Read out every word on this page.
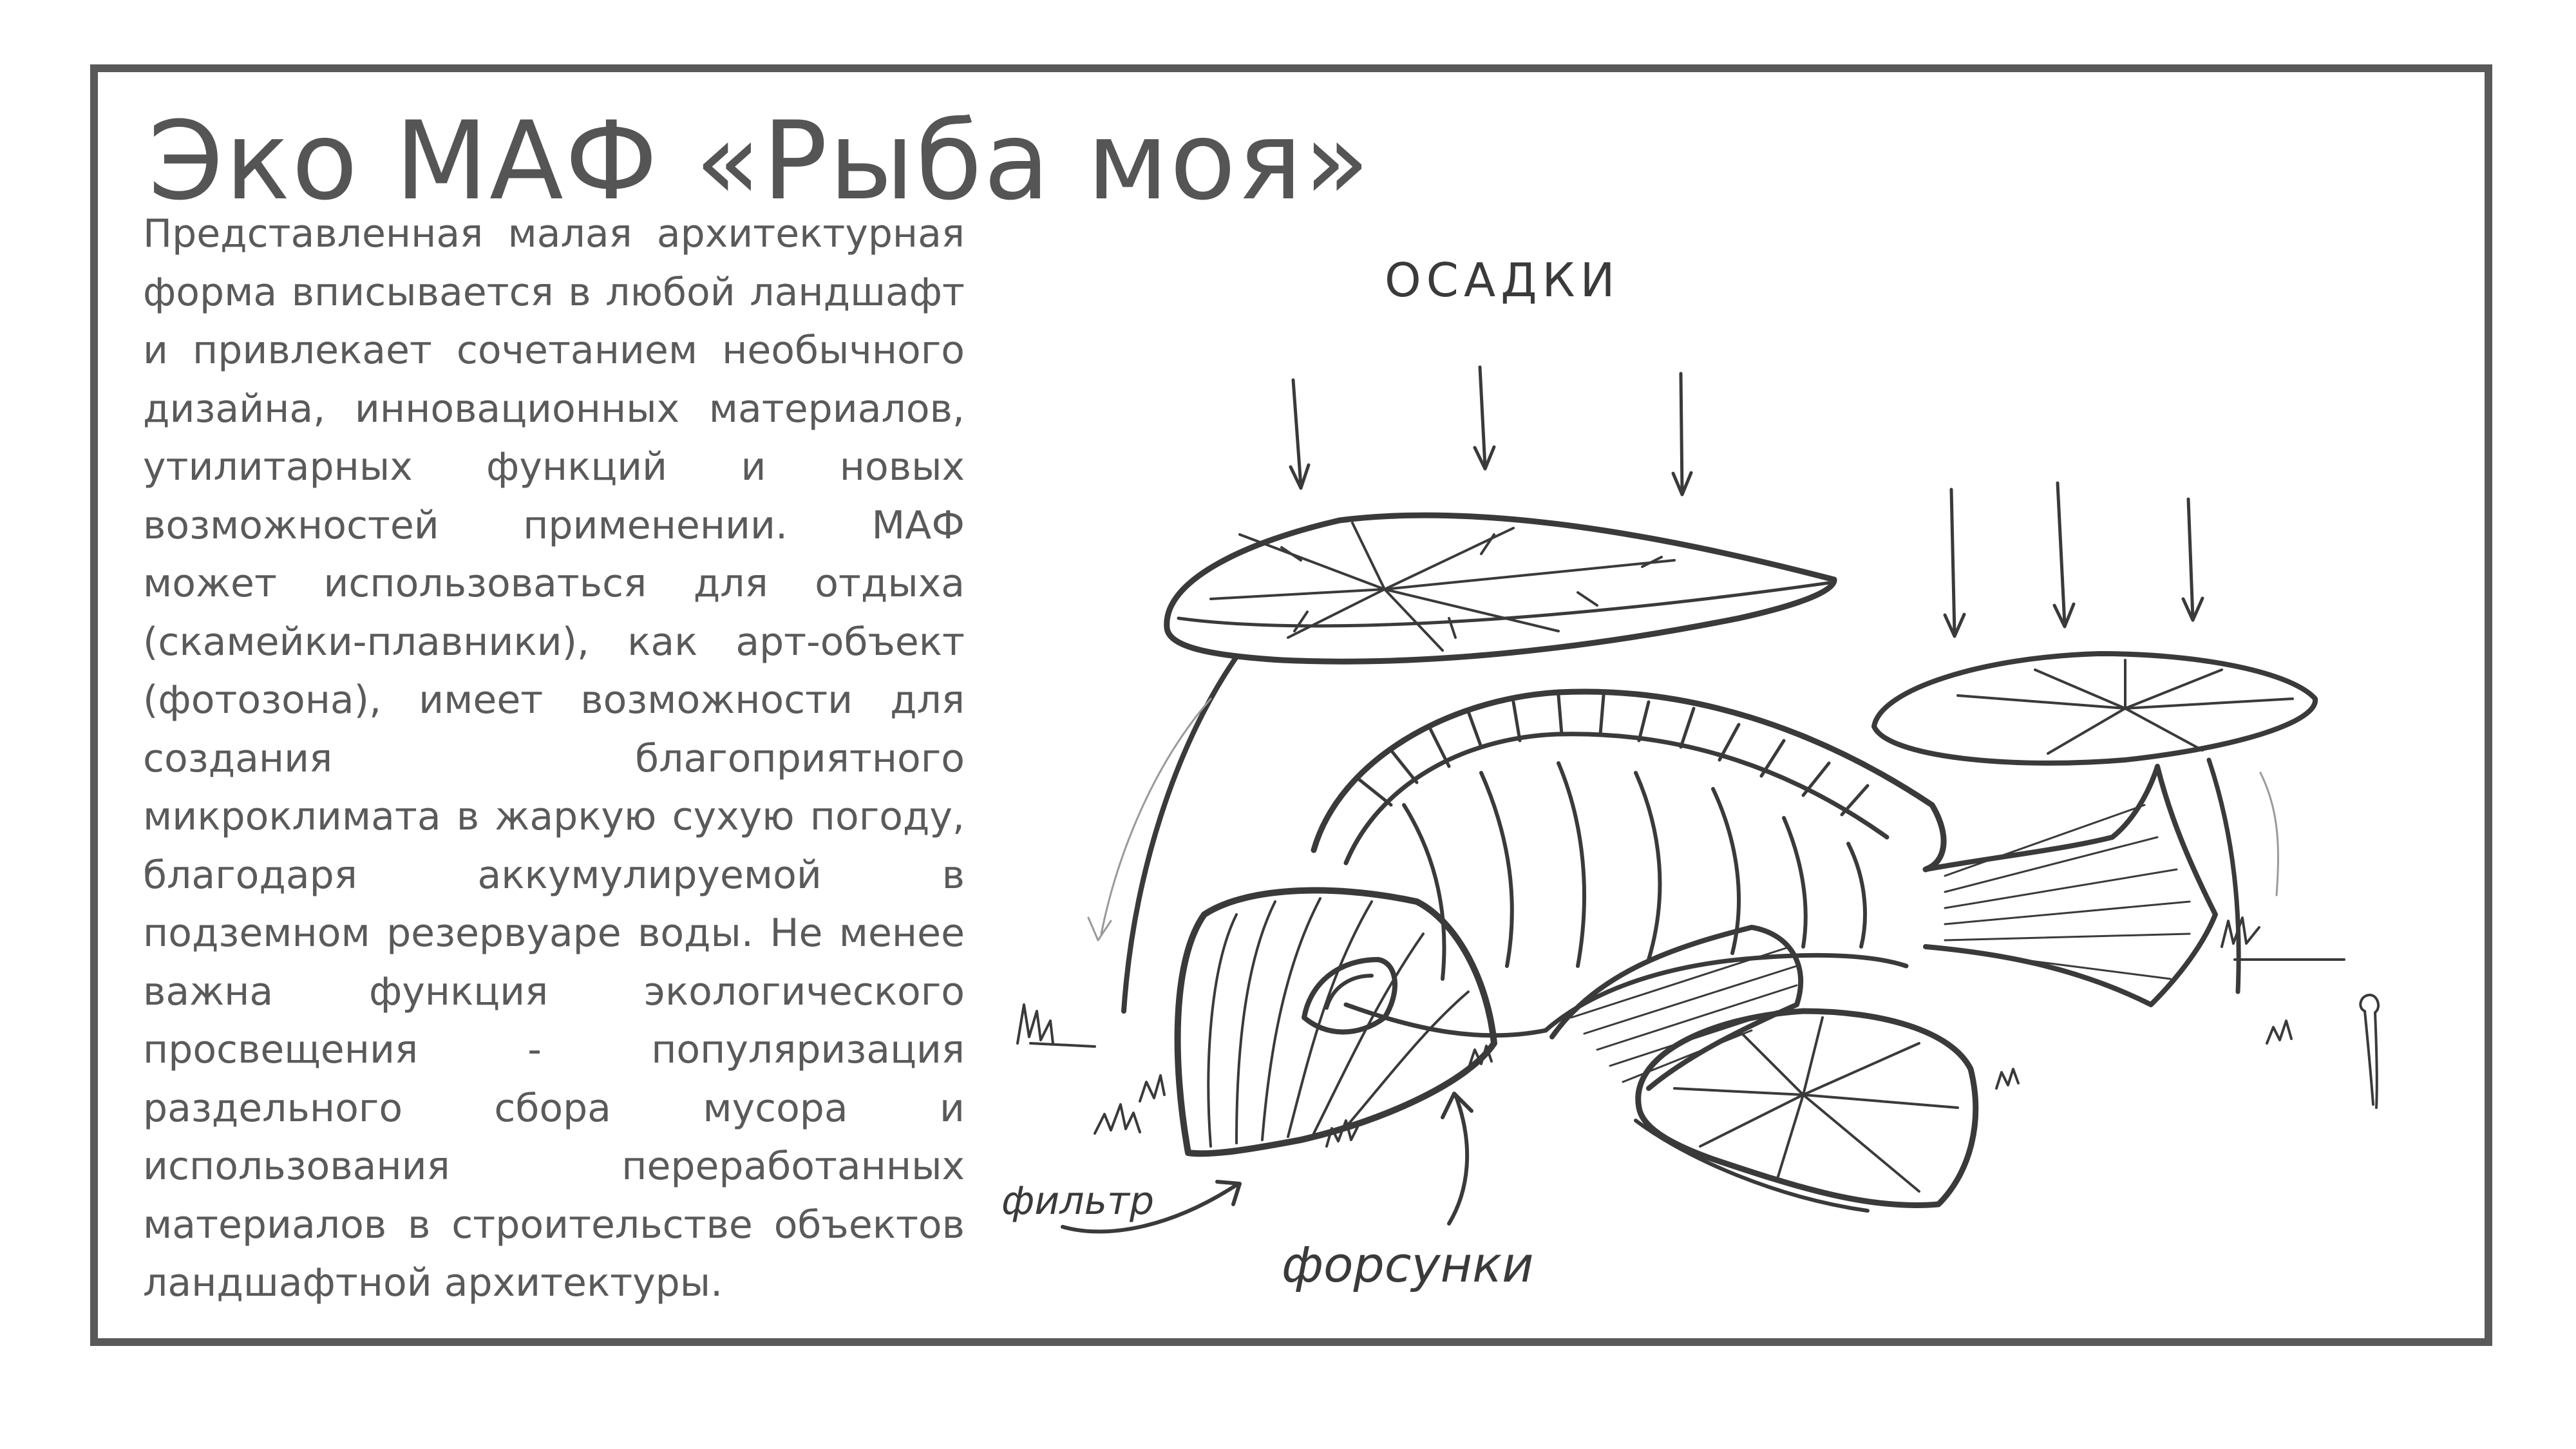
Эко МАФ «Рыба моя»

Представленная малая архитектурная форма вписывается в любой ландшафт и привлекает сочетанием необычного дизайна, инновационных материалов, утилитарных функций и новых возможностей применении. МАФ может использоваться для отдыха (скамейки-плавники), как арт-объект (фотозона), имеет возможности для создания благоприятного микроклимата в жаркую сухую погоду, благодаря аккумулируемой в подземном резервуаре воды. Не менее важна функция экологического просвещения - популяризация раздельного сбора мусора и использования переработанных материалов в строительстве объектов ландшафтной архитектуры.

ОСАДКИ
фильтр
форсунки
